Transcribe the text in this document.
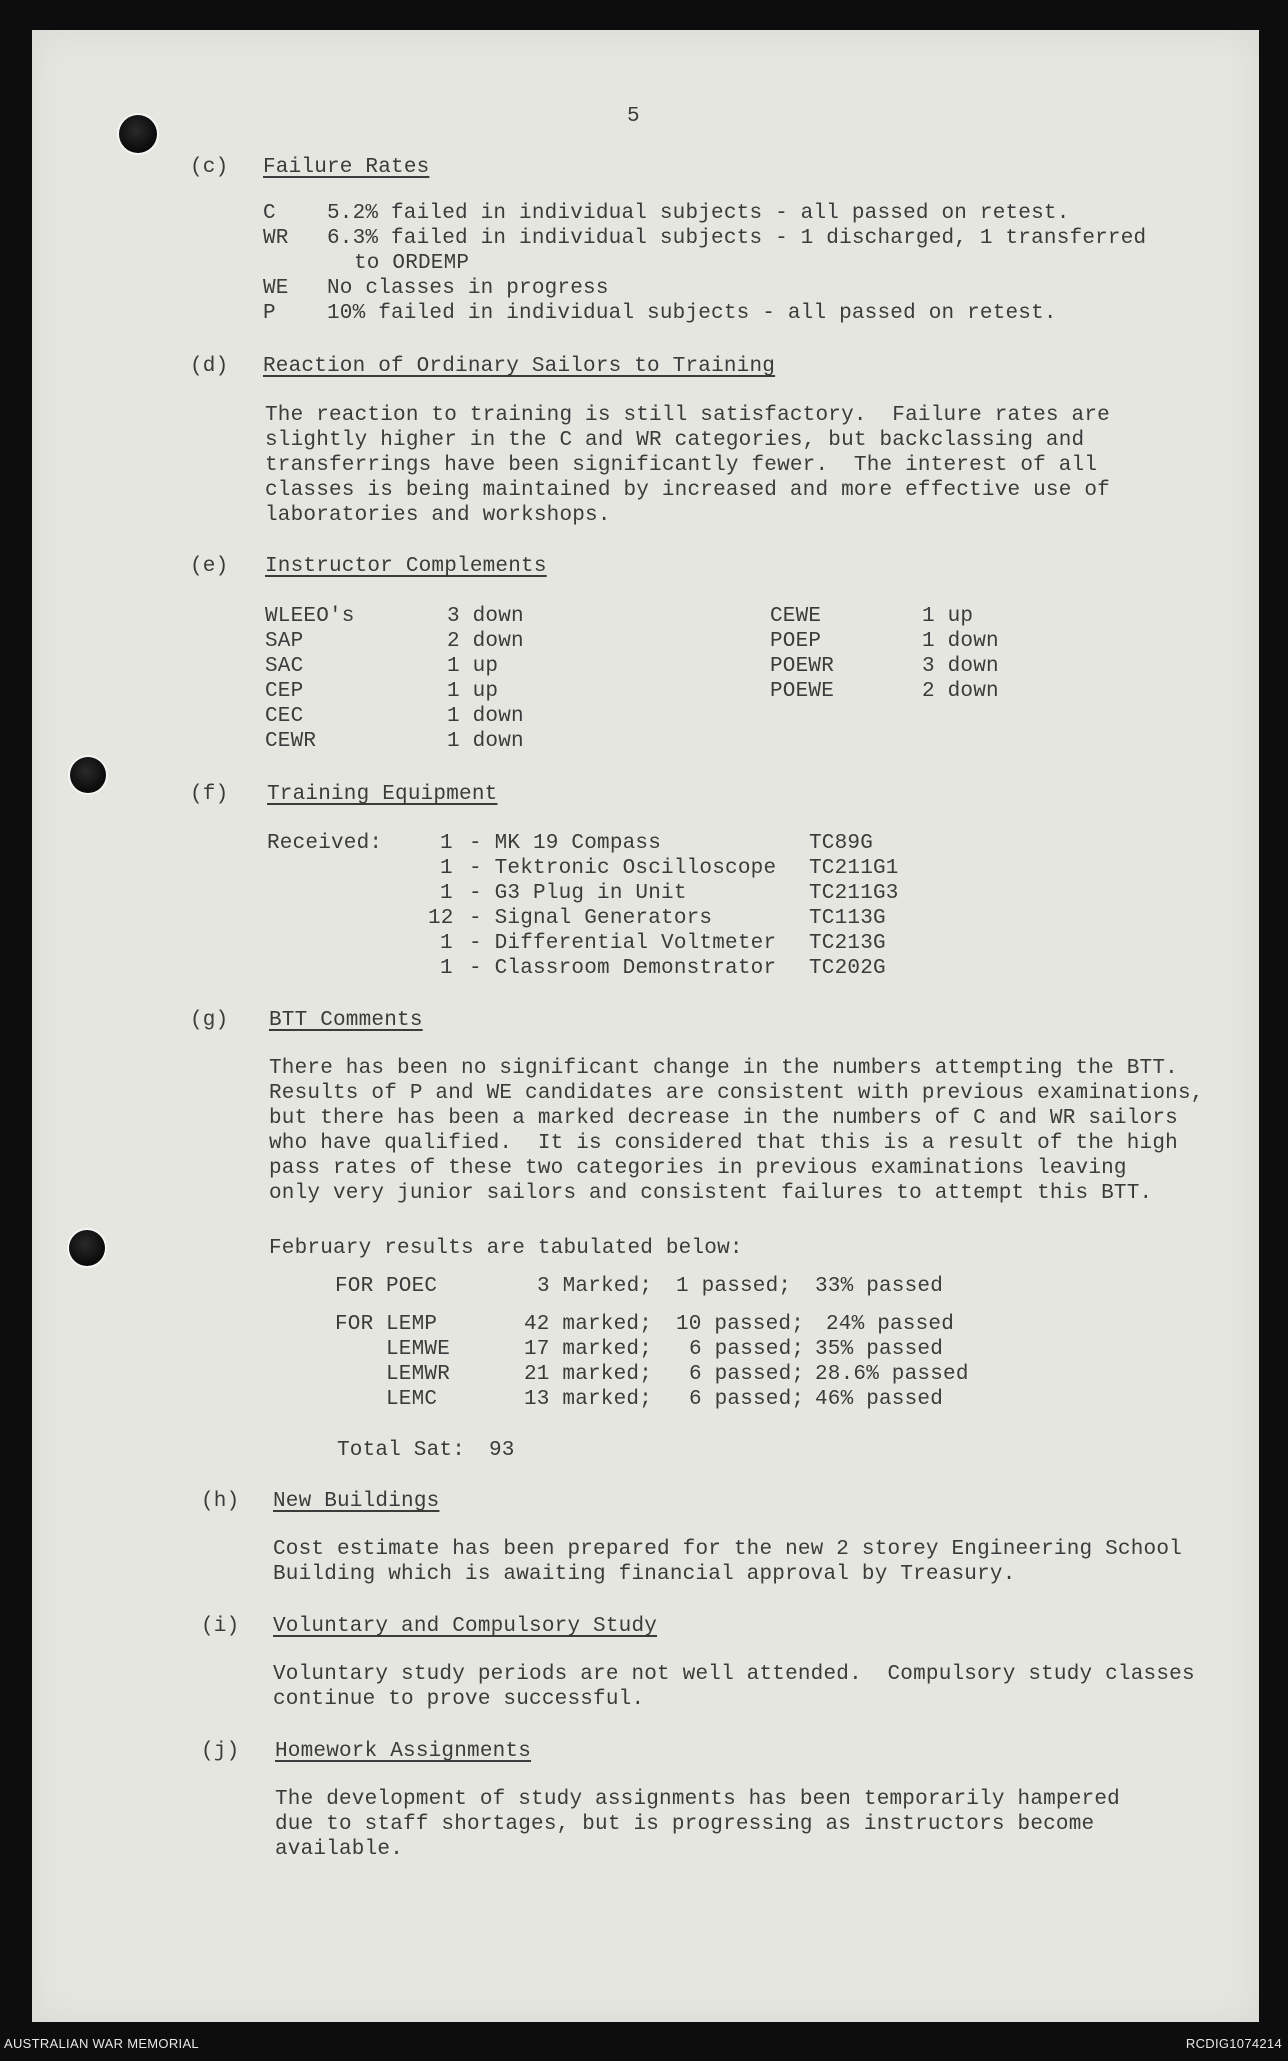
5
(c) Failure Rates
C 5.2% failed in individual subjects - all passed on retest.
WR 6.3% failed in individual subjects - 1 discharged, 1 transferred
to ORDEMP
WE No classes in progress
P 10% failed in individual subjects - all passed on retest.
(d) Reaction of Ordinary Sailors to Training
The reaction to training is still satisfactory.  Failure rates are
slightly higher in the C and WR categories, but backclassing and
transferrings have been significantly fewer.  The interest of all
classes is being maintained by increased and more effective use of
laboratories and workshops.
(e) Instructor Complements
WLEEO's	3 down
SAP	2 down
SAC	1 up
CEP	1 up
CEC	1 down
CEWR	1 down
CEWE	1 up
POEP	1 down
POEWR	3 down
POEWE	2 down
(f) Training Equipment
Received:	1 - MK 19 Compass	TC89G
1 - Tektronic Oscilloscope TC211G1
1 - G3 Plug in Unit	TC211G3
12 - Signal Generators	TC113G
1 - Differential Voltmeter TC213G
1 - Classroom Demonstrator TC202G
(g) BTT Comments
There has been no significant change in the numbers attempting the BTT.
Results of P and WE candidates are consistent with previous examinations,
but there has been a marked decrease in the numbers of C and WR sailors
who have qualified.  It is considered that this is a result of the high
pass rates of these two categories in previous examinations leaving
only very junior sailors and consistent failures to attempt this BTT.
February results are tabulated below:
FOR POEC	3 Marked; 1 passed; 33% passed
FOR LEMP	42 marked; 10 passed; 24% passed
LEMWE	17 marked; 6 passed; 35% passed
LEMWR	21 marked; 6 passed; 28.6% passed
LEMC	13 marked; 6 passed; 46% passed
Total Sat: 93
(h) New Buildings
Cost estimate has been prepared for the new 2 storey Engineering School
Building which is awaiting financial approval by Treasury.
(i) Voluntary and Compulsory Study
Voluntary study periods are not well attended.  Compulsory study classes
continue to prove successful.
(j) Homework Assignments
The development of study assignments has been temporarily hampered
due to staff shortages, but is progressing as instructors become
available.
AUSTRALIAN WAR MEMORIAL	RCDIG1074214
